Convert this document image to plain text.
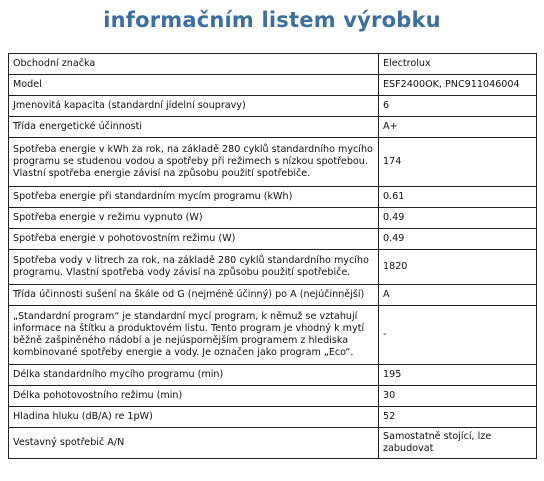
informačním listem výrobku
Obchodní značka	Electrolux
Model	ESF2400OK, PNC911046004
Jmenovitá kapacita (standardní jídelní soupravy)	6
Třída energetické účinnosti	A+
Spotřeba energie v kWh za rok, na základě 280 cyklů standardního mycího
programu se studenou vodou a spotřeby při režimech s nízkou spotřebou.
Vlastní spotřeba energie závisí na způsobu použití spotřebiče.	174
Spotřeba energie při standardním mycím programu (kWh)	0.61
Spotřeba energie v režimu vypnuto (W)	0.49
Spotřeba energie v pohotovostním režimu (W)	0.49
Spotřeba vody v litrech za rok, na základě 280 cyklů standardního mycího
programu. Vlastní spotřeba vody závisí na způsobu použití spotřebiče.	1820
Třída účinnosti sušení na škále od G (nejméně účinný) po A (nejúčinnější)	A
„Standardní program“ je standardní mycí program, k němuž se vztahují
informace na štítku a produktovém listu. Tento program je vhodný k mytí
běžně zašpiněného nádobí a je nejúspornějším programem z hlediska
kombinované spotřeby energie a vody. Je označen jako program „Eco“.	-
Délka standardního mycího programu (min)	195
Délka pohotovostního režimu (min)	30
Hladina hluku (dB/A) re 1pW)	52
Vestavný spotřebič A/N	Samostatně stojící, lze
zabudovat
